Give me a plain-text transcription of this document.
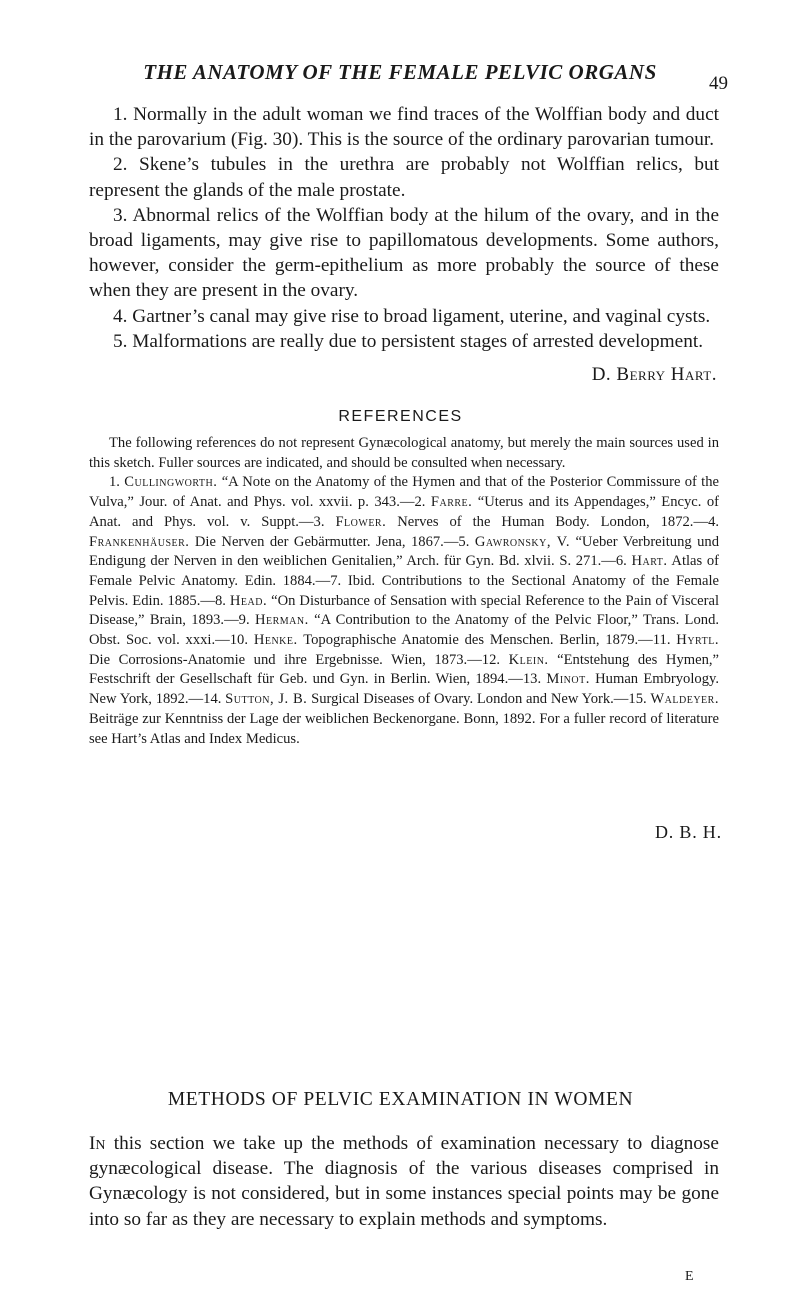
THE ANATOMY OF THE FEMALE PELVIC ORGANS	49

1. Normally in the adult woman we find traces of the Wolffian body and duct in the parovarium (Fig. 30). This is the source of the ordinary parovarian tumour.

2. Skene’s tubules in the urethra are probably not Wolffian relics, but represent the glands of the male prostate.

3. Abnormal relics of the Wolffian body at the hilum of the ovary, and in the broad ligaments, may give rise to papillomatous developments. Some authors, however, consider the germ-epithelium as more probably the source of these when they are present in the ovary.

4. Gartner’s canal may give rise to broad ligament, uterine, and vaginal cysts.

5. Malformations are really due to persistent stages of arrested development.

D. Berry Hart.
REFERENCES

The following references do not represent Gynæcological anatomy, but merely the main sources used in this sketch. Fuller sources are indicated, and should be consulted when necessary.

1. Cullingworth. “A Note on the Anatomy of the Hymen and that of the Posterior Commissure of the Vulva,” Jour. of Anat. and Phys. vol. xxvii. p. 343.—2. Farre. “Uterus and its Appendages,” Encyc. of Anat. and Phys. vol. v. Suppt.—3. Flower. Nerves of the Human Body. London, 1872.—4. Frankenhäuser. Die Nerven der Gebärmutter. Jena, 1867.—5. Gawronsky, V. “Ueber Verbreitung und Endigung der Nerven in den weiblichen Genitalien,” Arch. für Gyn. Bd. xlvii. S. 271.—6. Hart. Atlas of Female Pelvic Anatomy. Edin. 1884.—7. Ibid. Contributions to the Sectional Anatomy of the Female Pelvis. Edin. 1885.—8. Head. “On Disturbance of Sensation with special Reference to the Pain of Visceral Disease,” Brain, 1893.—9. Herman. “A Contribution to the Anatomy of the Pelvic Floor,” Trans. Lond. Obst. Soc. vol. xxxi.—10. Henke. Topographische Anatomie des Menschen. Berlin, 1879.—11. Hyrtl. Die Corrosions-Anatomie und ihre Ergebnisse. Wien, 1873.—12. Klein. “Entstehung des Hymen,” Festschrift der Gesellschaft für Geb. und Gyn. in Berlin. Wien, 1894.—13. Minot. Human Embryology. New York, 1892.—14. Sutton, J. B. Surgical Diseases of Ovary. London and New York.—15. Waldeyer. Beiträge zur Kenntniss der Lage der weiblichen Beckenorgane. Bonn, 1892. For a fuller record of literature see Hart’s Atlas and Index Medicus.

D. B. H.
METHODS OF PELVIC EXAMINATION IN WOMEN

In this section we take up the methods of examination necessary to diagnose gynæcological disease. The diagnosis of the various diseases comprised in Gynæcology is not considered, but in some instances special points may be gone into so far as they are necessary to explain methods and symptoms.

E
